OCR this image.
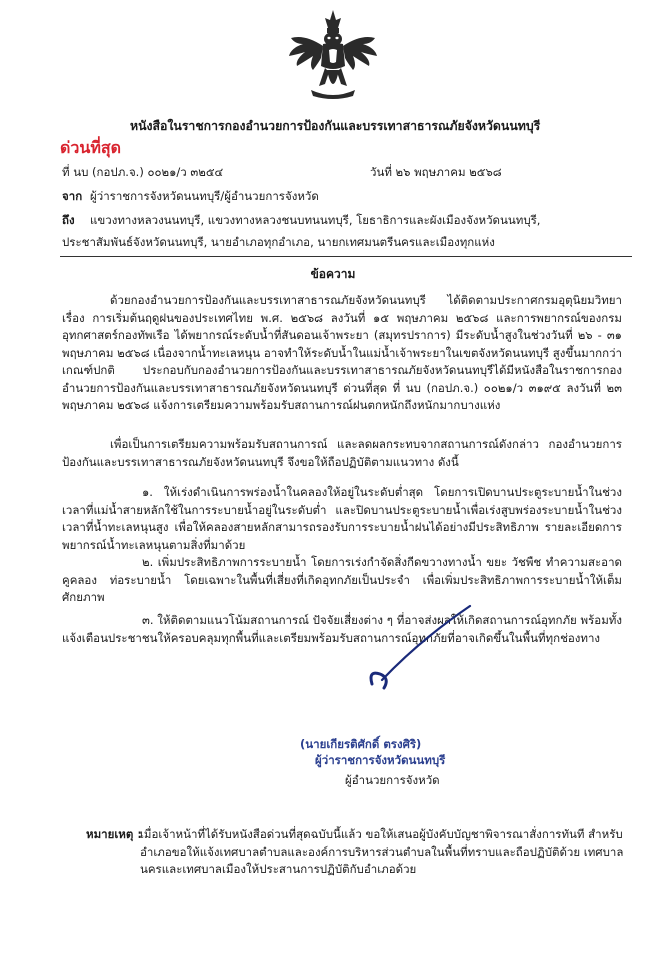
หนังสือในราชการกองอำนวยการป้องกันและบรรเทาสาธารณภัยจังหวัดนนทบุรี
ด่วนที่สุด
ที่ นบ (กอปภ.จ.) ๐๐๒๑/ว ๓๒๕๔	วันที่ ๒๖ พฤษภาคม ๒๕๖๘
จาก ผู้ว่าราชการจังหวัดนนทบุรี/ผู้อำนวยการจังหวัด
ถึง แขวงทางหลวงนนทบุรี, แขวงทางหลวงชนบทนนทบุรี, โยธาธิการและผังเมืองจังหวัดนนทบุรี,
ประชาสัมพันธ์จังหวัดนนทบุรี, นายอำเภอทุกอำเภอ, นายกเทศมนตรีนครและเมืองทุกแห่ง
ข้อความ
ด้วยกองอำนวยการป้องกันและบรรเทาสาธารณภัยจังหวัดนนทบุรี ได้ติดตามประกาศกรมอุตุนิยมวิทยา เรื่อง การเริ่มต้นฤดูฝนของประเทศไทย พ.ศ. ๒๕๖๘ ลงวันที่ ๑๕ พฤษภาคม ๒๕๖๘ และการพยากรณ์ของกรมอุทกศาสตร์กองทัพเรือ ได้พยากรณ์ระดับน้ำที่สันดอนเจ้าพระยา (สมุทรปราการ) มีระดับน้ำสูงในช่วงวันที่ ๒๖ - ๓๑ พฤษภาคม ๒๕๖๘ เนื่องจากน้ำทะเลหนุน อาจทำให้ระดับน้ำในแม่น้ำเจ้าพระยาในเขตจังหวัดนนทบุรี สูงขึ้นมากกว่าเกณฑ์ปกติ ประกอบกับกองอำนวยการป้องกันและบรรเทาสาธารณภัยจังหวัดนนทบุรีได้มีหนังสือในราชการกองอำนวยการป้องกันและบรรเทาสาธารณภัยจังหวัดนนทบุรี ด่วนที่สุด ที่ นบ (กอปภ.จ.) ๐๐๒๑/ว ๓๑๙๕ ลงวันที่ ๒๓ พฤษภาคม ๒๕๖๘ แจ้งการเตรียมความพร้อมรับสถานการณ์ฝนตกหนักถึงหนักมากบางแห่ง
เพื่อเป็นการเตรียมความพร้อมรับสถานการณ์ และลดผลกระทบจากสถานการณ์ดังกล่าว กองอำนวยการป้องกันและบรรเทาสาธารณภัยจังหวัดนนทบุรี จึงขอให้ถือปฏิบัติตามแนวทาง ดังนี้
๑. ให้เร่งดำเนินการพร่องน้ำในคลองให้อยู่ในระดับต่ำสุด โดยการเปิดบานประตูระบายน้ำในช่วงเวลาที่แม่น้ำสายหลักใช้ในการระบายน้ำอยู่ในระดับต่ำ และปิดบานประตูระบายน้ำเพื่อเร่งสูบพร่องระบายน้ำในช่วงเวลาที่น้ำทะเลหนุนสูง เพื่อให้คลองสายหลักสามารถรองรับการระบายน้ำฝนได้อย่างมีประสิทธิภาพ รายละเอียดการพยากรณ์น้ำทะเลหนุนตามสิ่งที่มาด้วย
๒. เพิ่มประสิทธิภาพการระบายน้ำ โดยการเร่งกำจัดสิ่งกีดขวางทางน้ำ ขยะ วัชพืช ทำความสะอาดคูคลอง ท่อระบายน้ำ โดยเฉพาะในพื้นที่เสี่ยงที่เกิดอุทกภัยเป็นประจำ เพื่อเพิ่มประสิทธิภาพการระบายน้ำให้เต็มศักยภาพ
๓. ให้ติดตามแนวโน้มสถานการณ์ ปัจจัยเสี่ยงต่าง ๆ ที่อาจส่งผลให้เกิดสถานการณ์อุทกภัย พร้อมทั้งแจ้งเตือนประชาชนให้ครอบคลุมทุกพื้นที่และเตรียมพร้อมรับสถานการณ์อุทกภัยที่อาจเกิดขึ้นในพื้นที่ทุกช่องทาง
(นายเกียรติศักดิ์ ตรงศิริ)
ผู้ว่าราชการจังหวัดนนทบุรี
ผู้อำนวยการจังหวัด
หมายเหตุ :
เมื่อเจ้าหน้าที่ได้รับหนังสือด่วนที่สุดฉบับนี้แล้ว ขอให้เสนอผู้บังคับบัญชาพิจารณาสั่งการทันที สำหรับอำเภอขอให้แจ้งเทศบาลตำบลและองค์การบริหารส่วนตำบลในพื้นที่ทราบและถือปฏิบัติด้วย เทศบาลนครและเทศบาลเมืองให้ประสานการปฏิบัติกับอำเภอด้วย
